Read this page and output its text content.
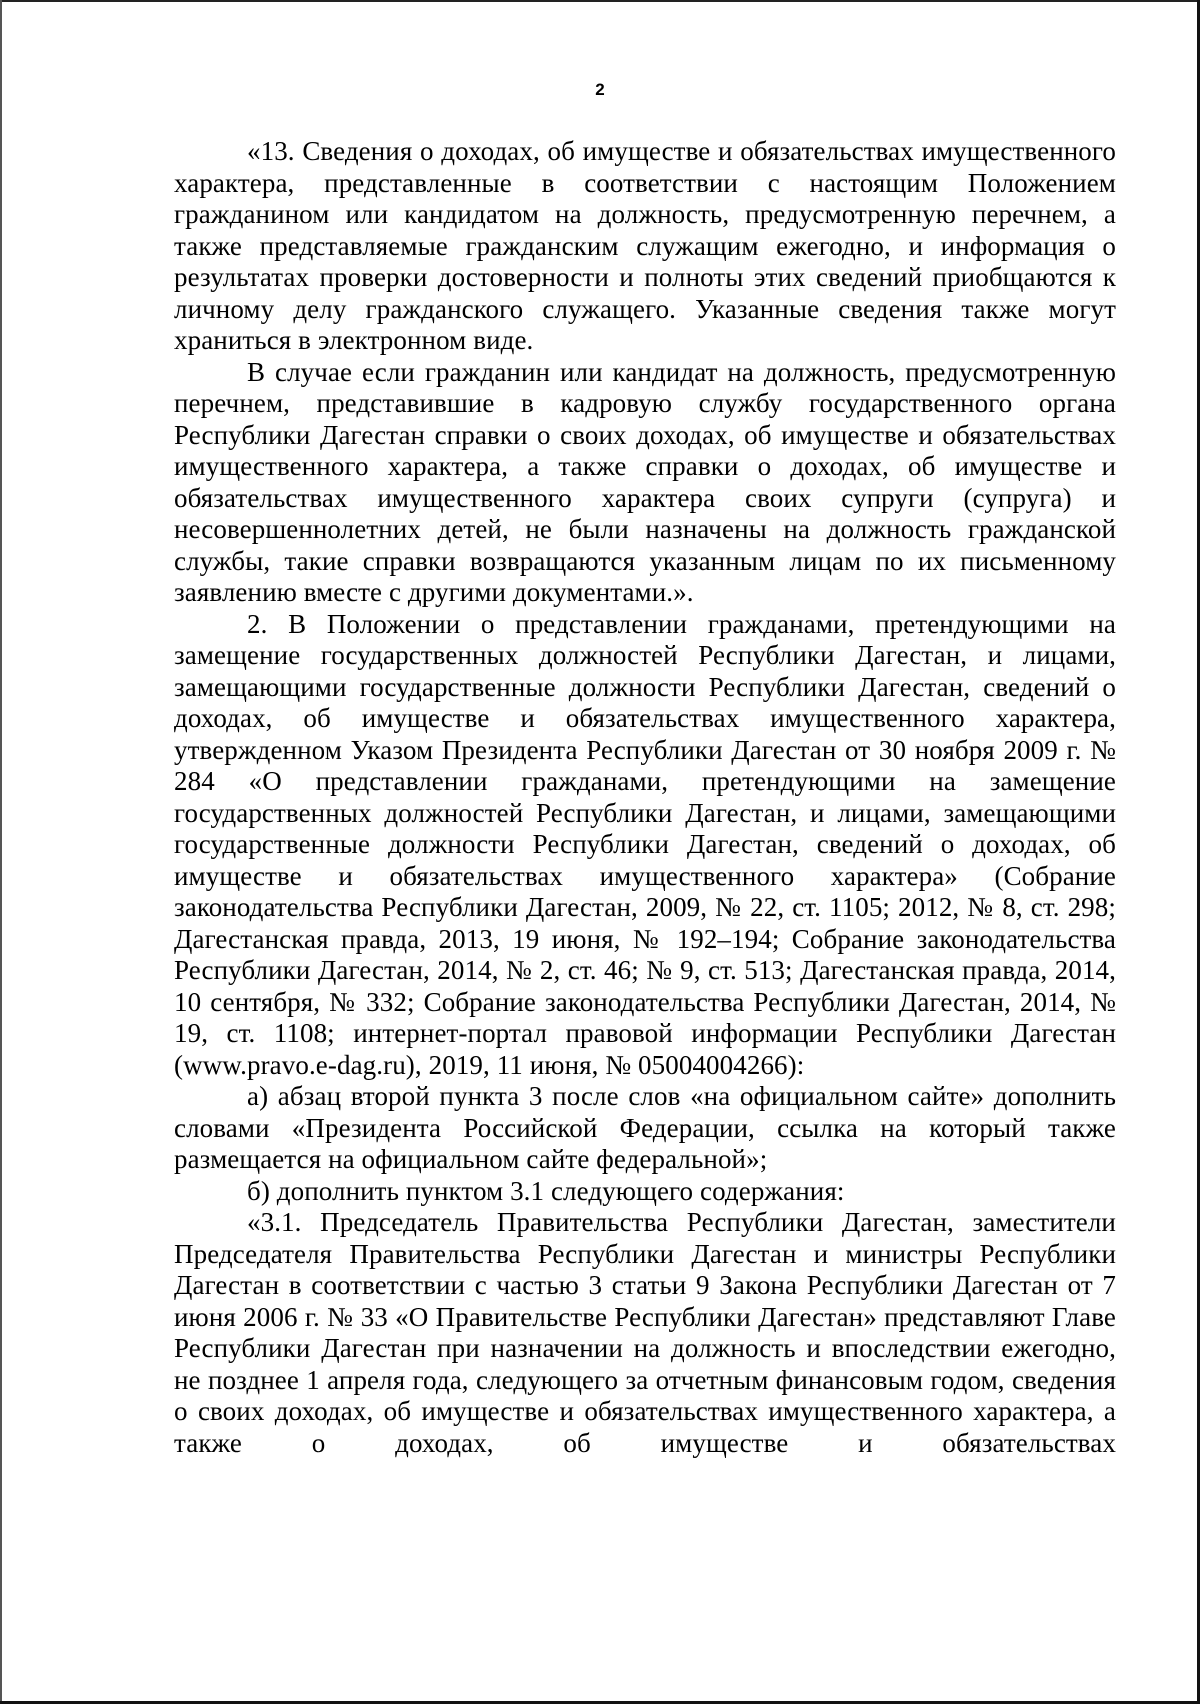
2

«13. Сведения о доходах, об имуществе и обязательствах имущественного характера, представленные в соответствии с настоящим Положением гражданином или кандидатом на должность, предусмотренную перечнем, а также представляемые гражданским служащим ежегодно, и информация о результатах проверки достоверности и полноты этих сведений приобщаются к личному делу гражданского служащего. Указанные сведения также могут храниться в электронном виде.

В случае если гражданин или кандидат на должность, предусмотренную перечнем, представившие в кадровую службу государственного органа Республики Дагестан справки о своих доходах, об имуществе и обязательствах имущественного характера, а также справки о доходах, об имуществе и обязательствах имущественного характера своих супруги (супруга) и несовершеннолетних детей, не были назначены на должность гражданской службы, такие справки возвращаются указанным лицам по их письменному заявлению вместе с другими документами.».

2. В Положении о представлении гражданами, претендующими на замещение государственных должностей Республики Дагестан, и лицами, замещающими государственные должности Республики Дагестан, сведений о доходах, об имуществе и обязательствах имущественного характера, утвержденном Указом Президента Республики Дагестан от 30 ноября 2009 г. № 284 «О представлении гражданами, претендующими на замещение государственных должностей Республики Дагестан, и лицами, замещающими государственные должности Республики Дагестан, сведений о доходах, об имуществе и обязательствах имущественного характера» (Собрание законодательства Республики Дагестан, 2009, № 22, ст. 1105; 2012, № 8, ст. 298; Дагестанская правда, 2013, 19 июня, № 192–194; Собрание законодательства Республики Дагестан, 2014, № 2, ст. 46; № 9, ст. 513; Дагестанская правда, 2014, 10 сентября, № 332; Собрание законодательства Республики Дагестан, 2014, № 19, ст. 1108; интернет-портал правовой информации Республики Дагестан (www.pravo.e-dag.ru), 2019, 11 июня, № 05004004266):

а) абзац второй пункта 3 после слов «на официальном сайте» дополнить словами «Президента Российской Федерации, ссылка на который также размещается на официальном сайте федеральной»;

б) дополнить пунктом 3.1 следующего содержания:

«3.1. Председатель Правительства Республики Дагестан, заместители Председателя Правительства Республики Дагестан и министры Республики Дагестан в соответствии с частью 3 статьи 9 Закона Республики Дагестан от 7 июня 2006 г. № 33 «О Правительстве Республики Дагестан» представляют Главе Республики Дагестан при назначении на должность и впоследствии ежегодно, не позднее 1 апреля года, следующего за отчетным финансовым годом, сведения о своих доходах, об имуществе и обязательствах имущественного характера, а также о доходах, об имуществе и обязательствах
